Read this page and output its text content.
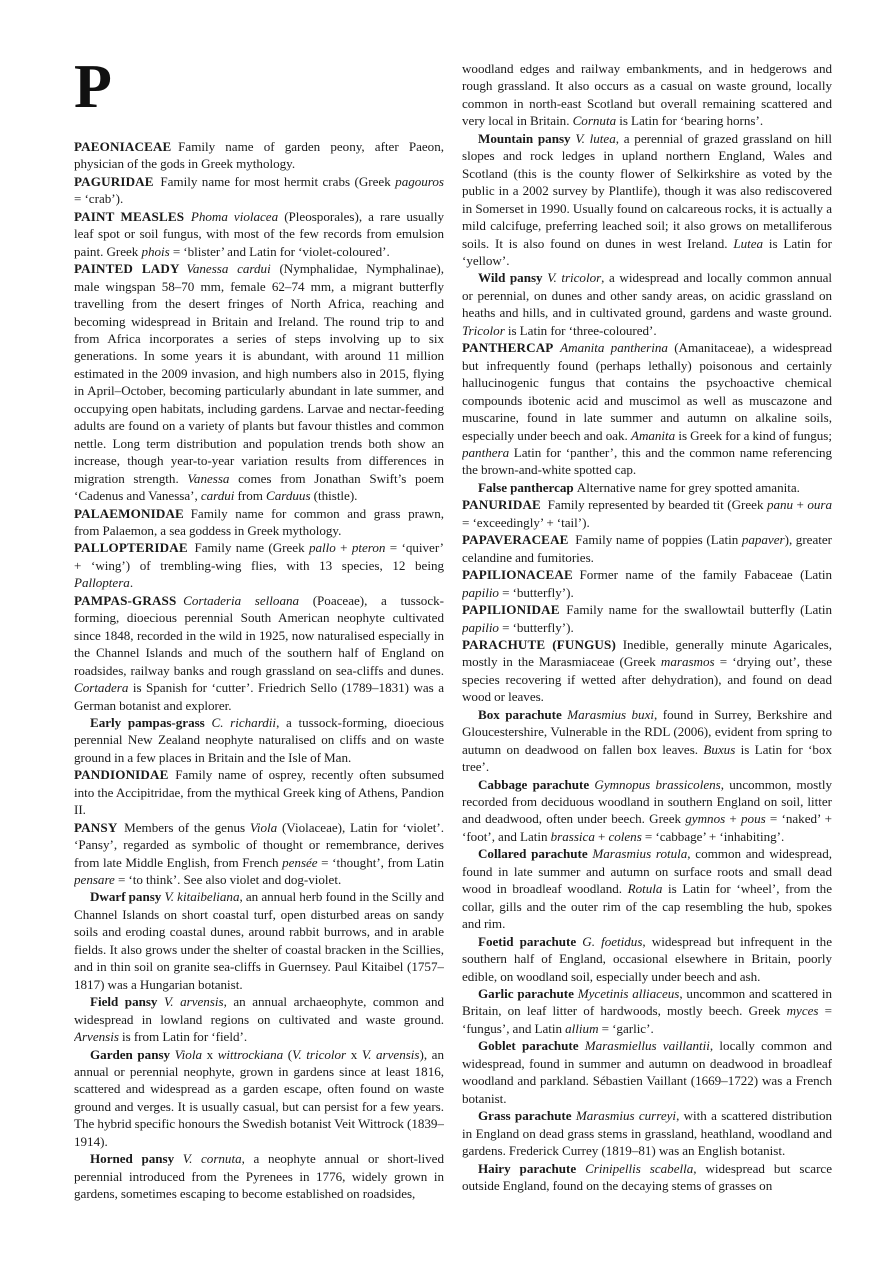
P

PAEONIACEAE Family name of garden peony, after Paeon, physician of the gods in Greek mythology.

PAGURIDAE Family name for most hermit crabs (Greek pagouros = ‘crab’).

PAINT MEASLES Phoma violacea (Pleosporales), a rare usually leaf spot or soil fungus, with most of the few records from emulsion paint. Greek phois = ‘blister’ and Latin for ‘violet-coloured’.

PAINTED LADY Vanessa cardui (Nymphalidae, Nymphalinae), male wingspan 58–70 mm, female 62–74 mm, a migrant butterfly travelling from the desert fringes of North Africa, reaching and becoming widespread in Britain and Ireland. The round trip to and from Africa incorporates a series of steps involving up to six generations. In some years it is abundant, with around 11 million estimated in the 2009 invasion, and high numbers also in 2015, flying in April–October, becoming particularly abundant in late summer, and occupying open habitats, including gardens. Larvae and nectar-feeding adults are found on a variety of plants but favour thistles and common nettle. Long term distribution and population trends both show an increase, though year-to-year variation results from differences in migration strength. Vanessa comes from Jonathan Swift’s poem ‘Cadenus and Vanessa’, cardui from Carduus (thistle).

PALAEMONIDAE Family name for common and grass prawn, from Palaemon, a sea goddess in Greek mythology.

PALLOPTERIDAE Family name (Greek pallo + pteron = ‘quiver’ + ‘wing’) of trembling-wing flies, with 13 species, 12 being Palloptera.

PAMPAS-GRASS Cortaderia selloana (Poaceae), a tussock-forming, dioecious perennial South American neophyte cultivated since 1848, recorded in the wild in 1925, now naturalised especially in the Channel Islands and much of the southern half of England on roadsides, railway banks and rough grassland on sea-cliffs and dunes. Cortadera is Spanish for ‘cutter’. Friedrich Sello (1789–1831) was a German botanist and explorer.

Early pampas-grass C. richardii, a tussock-forming, dioecious perennial New Zealand neophyte naturalised on cliffs and on waste ground in a few places in Britain and the Isle of Man.

PANDIONIDAE Family name of osprey, recently often subsumed into the Accipitridae, from the mythical Greek king of Athens, Pandion II.

PANSY Members of the genus Viola (Violaceae), Latin for ‘violet’. ‘Pansy’, regarded as symbolic of thought or remembrance, derives from late Middle English, from French pensée = ‘thought’, from Latin pensare = ‘to think’. See also violet and dog-violet.

Dwarf pansy V. kitaibeliana, an annual herb found in the Scilly and Channel Islands on short coastal turf, open disturbed areas on sandy soils and eroding coastal dunes, around rabbit burrows, and in arable fields. It also grows under the shelter of coastal bracken in the Scillies, and in thin soil on granite sea-cliffs in Guernsey. Paul Kitaibel (1757–1817) was a Hungarian botanist.

Field pansy V. arvensis, an annual archaeophyte, common and widespread in lowland regions on cultivated and waste ground. Arvensis is from Latin for ‘field’.

Garden pansy Viola x wittrockiana (V. tricolor x V. arvensis), an annual or perennial neophyte, grown in gardens since at least 1816, scattered and widespread as a garden escape, often found on waste ground and verges. It is usually casual, but can persist for a few years. The hybrid specific honours the Swedish botanist Veit Wittrock (1839–1914).

Horned pansy V. cornuta, a neophyte annual or short-lived perennial introduced from the Pyrenees in 1776, widely grown in gardens, sometimes escaping to become established on roadsides,

woodland edges and railway embankments, and in hedgerows and rough grassland. It also occurs as a casual on waste ground, locally common in north-east Scotland but overall remaining scattered and very local in Britain. Cornuta is Latin for ‘bearing horns’.

Mountain pansy V. lutea, a perennial of grazed grassland on hill slopes and rock ledges in upland northern England, Wales and Scotland (this is the county flower of Selkirkshire as voted by the public in a 2002 survey by Plantlife), though it was also rediscovered in Somerset in 1990. Usually found on calcareous rocks, it is actually a mild calcifuge, preferring leached soil; it also grows on metalliferous soils. It is also found on dunes in west Ireland. Lutea is Latin for ‘yellow’.

Wild pansy V. tricolor, a widespread and locally common annual or perennial, on dunes and other sandy areas, on acidic grassland on heaths and hills, and in cultivated ground, gardens and waste ground. Tricolor is Latin for ‘three-coloured’.

PANTHERCAP Amanita pantherina (Amanitaceae), a widespread but infrequently found (perhaps lethally) poisonous and certainly hallucinogenic fungus that contains the psychoactive chemical compounds ibotenic acid and muscimol as well as muscazone and muscarine, found in late summer and autumn on alkaline soils, especially under beech and oak. Amanita is Greek for a kind of fungus; panthera Latin for ‘panther’, this and the common name referencing the brown-and-white spotted cap.

False panthercap Alternative name for grey spotted amanita.

PANURIDAE Family represented by bearded tit (Greek panu + oura = ‘exceedingly’ + ‘tail’).

PAPAVERACEAE Family name of poppies (Latin papaver), greater celandine and fumitories.

PAPILIONACEAE Former name of the family Fabaceae (Latin papilio = ‘butterfly’).

PAPILIONIDAE Family name for the swallowtail butterfly (Latin papilio = ‘butterfly’).

PARACHUTE (FUNGUS) Inedible, generally minute Agaricales, mostly in the Marasmiaceae (Greek marasmos = ‘drying out’, these species recovering if wetted after dehydration), and found on dead wood or leaves.

Box parachute Marasmius buxi, found in Surrey, Berkshire and Gloucestershire, Vulnerable in the RDL (2006), evident from spring to autumn on deadwood on fallen box leaves. Buxus is Latin for ‘box tree’.

Cabbage parachute Gymnopus brassicolens, uncommon, mostly recorded from deciduous woodland in southern England on soil, litter and deadwood, often under beech. Greek gymnos + pous = ‘naked’ + ‘foot’, and Latin brassica + colens = ‘cabbage’ + ‘inhabiting’.

Collared parachute Marasmius rotula, common and widespread, found in late summer and autumn on surface roots and small dead wood in broadleaf woodland. Rotula is Latin for ‘wheel’, from the collar, gills and the outer rim of the cap resembling the hub, spokes and rim.

Foetid parachute G. foetidus, widespread but infrequent in the southern half of England, occasional elsewhere in Britain, poorly edible, on woodland soil, especially under beech and ash.

Garlic parachute Mycetinis alliaceus, uncommon and scattered in Britain, on leaf litter of hardwoods, mostly beech. Greek myces = ‘fungus’, and Latin allium = ‘garlic’.

Goblet parachute Marasmiellus vaillantii, locally common and widespread, found in summer and autumn on deadwood in broadleaf woodland and parkland. Sébastien Vaillant (1669–1722) was a French botanist.

Grass parachute Marasmius curreyi, with a scattered distribution in England on dead grass stems in grassland, heathland, woodland and gardens. Frederick Currey (1819–81) was an English botanist.

Hairy parachute Crinipellis scabella, widespread but scarce outside England, found on the decaying stems of grasses on
